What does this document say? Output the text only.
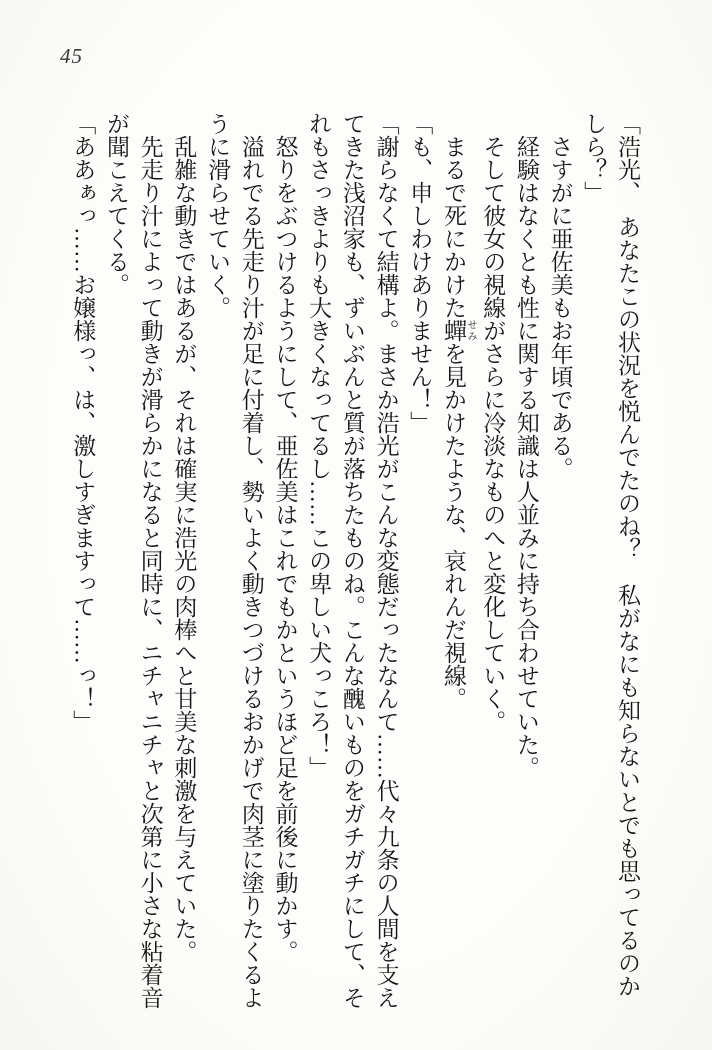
45

「浩光、　あなたこの状況を悦んでたのね？　私がなにも知らないとでも思ってるのかしら？」

　さすがに亜佐美もお年頃である。

　経験はなくとも性に関する知識は人並みに持ち合わせていた。

　そして彼女の視線がさらに冷淡なものへと変化していく。

　まるで死にかけた蟬 せみを見かけたような、哀れんだ視線。

「も、申しわけありません！」

「謝らなくて結構よ。まさか浩光がこんな変態だったなんて……代々九条の人間を支えてきた浅沼家も、ずいぶんと質が落ちたものね。こんな醜いものをガチガチにして、それもさっきよりも大きくなってるし……この卑しい犬っころ！」

　怒りをぶつけるようにして、亜佐美はこれでもかというほど足を前後に動かす。

　溢れでる先走り汁が足に付着し、勢いよく動きつづけるおかげで肉茎に塗りたくるように滑らせていく。

　乱雑な動きではあるが、それは確実に浩光の肉棒へと甘美な刺激を与えていた。

　先走り汁によって動きが滑らかになると同時に、ニチャニチャと次第に小さな粘着音が聞こえてくる。

「ああぁっ……お嬢様っ、は、激しすぎますって……っ！」
